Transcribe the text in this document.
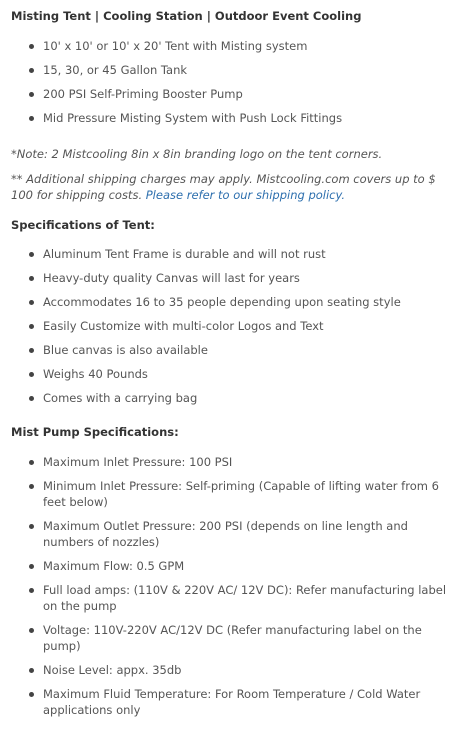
Misting Tent | Cooling Station | Outdoor Event Cooling
10' x 10' or 10' x 20' Tent with Misting system
15, 30, or 45 Gallon Tank
200 PSI Self-Priming Booster Pump
Mid Pressure Misting System with Push Lock Fittings

*Note: 2 Mistcooling 8in x 8in branding logo on the tent corners.

** Additional shipping charges may apply. Mistcooling.com covers up to $ 100 for shipping costs. Please refer to our shipping policy.

Specifications of Tent:
Aluminum Tent Frame is durable and will not rust
Heavy-duty quality Canvas will last for years
Accommodates 16 to 35 people depending upon seating style
Easily Customize with multi-color Logos and Text
Blue canvas is also available
Weighs 40 Pounds
Comes with a carrying bag
Mist Pump Specifications:
Maximum Inlet Pressure: 100 PSI
Minimum Inlet Pressure: Self-priming (Capable of lifting water from 6 feet below)
Maximum Outlet Pressure: 200 PSI (depends on line length and numbers of nozzles)
Maximum Flow: 0.5 GPM
Full load amps: (110V & 220V AC/ 12V DC): Refer manufacturing label on the pump
Voltage: 110V-220V AC/12V DC (Refer manufacturing label on the pump)
Noise Level: appx. 35db
Maximum Fluid Temperature: For Room Temperature / Cold Water applications only
